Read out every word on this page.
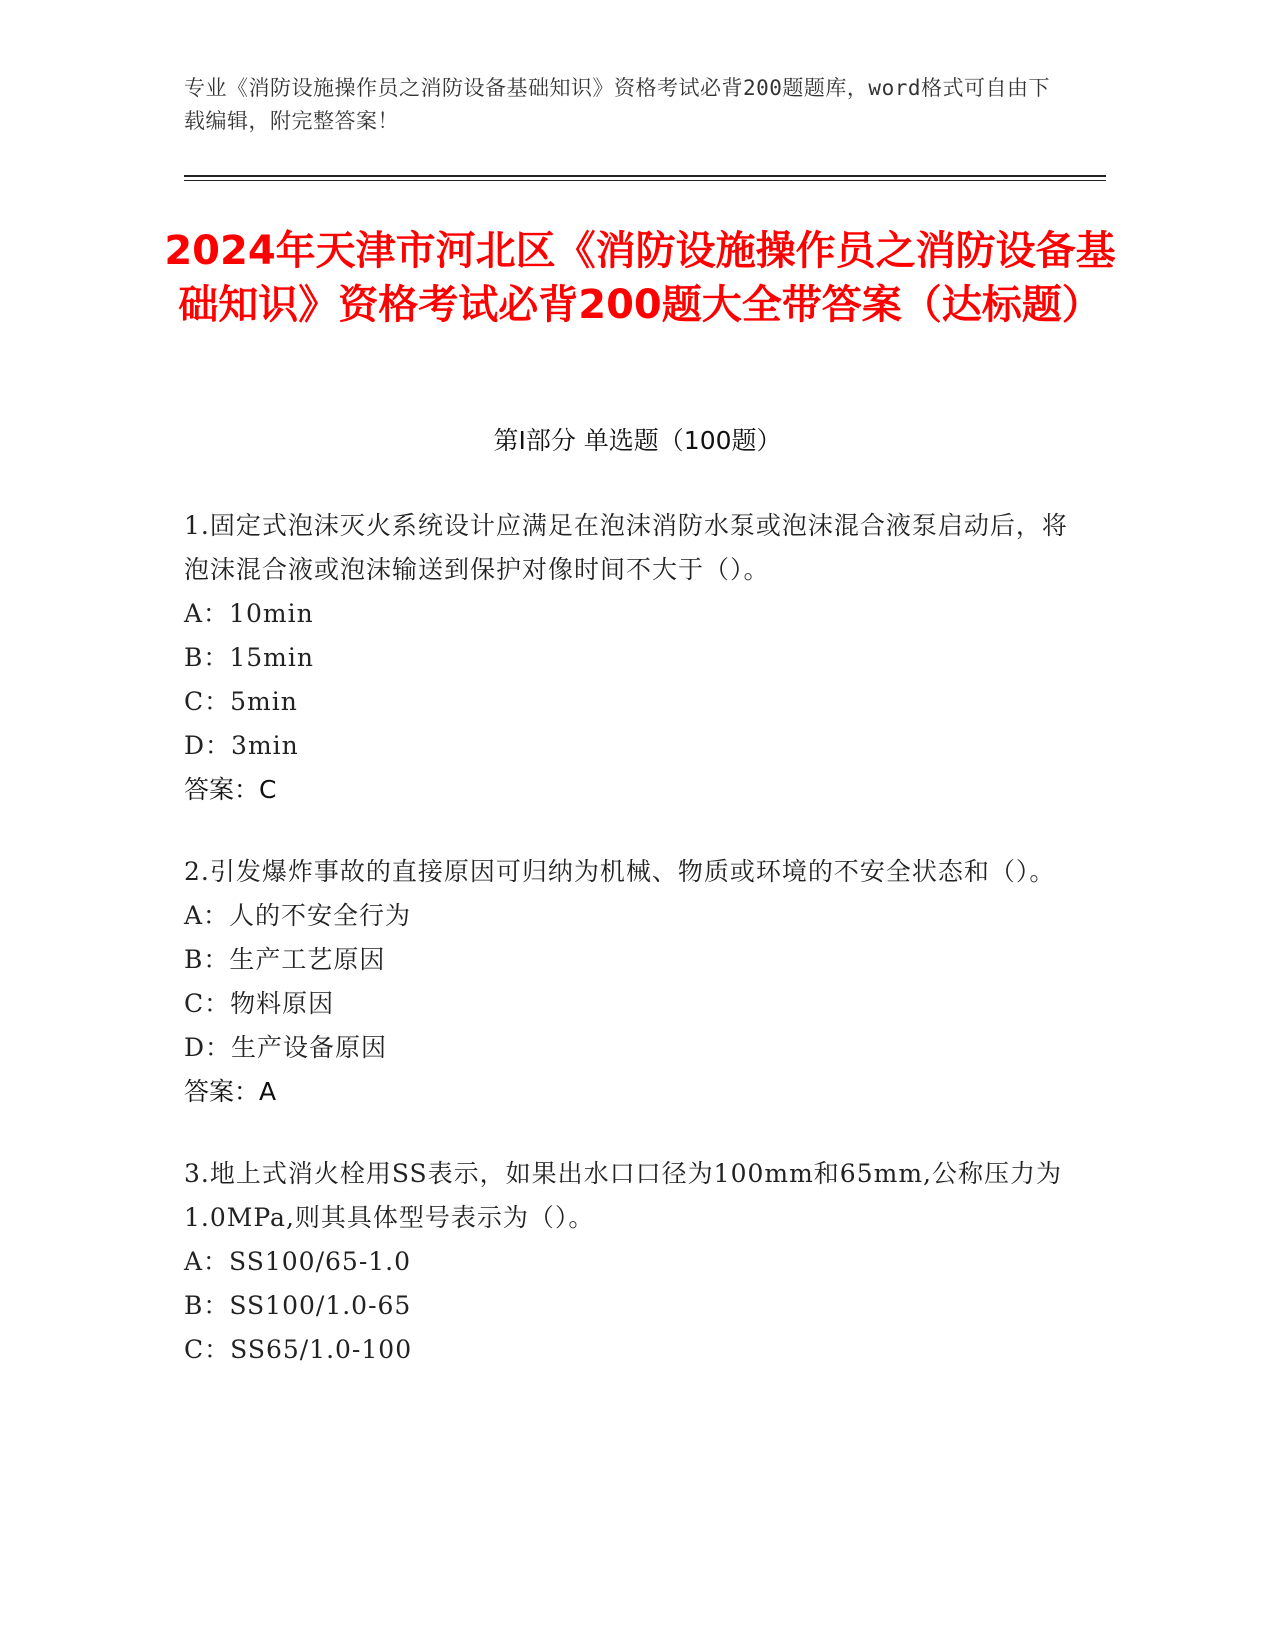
专业《消防设施操作员之消防设备基础知识》资格考试必背200题题库，word格式可自由下载编辑，附完整答案！
2024年天津市河北区《消防设施操作员之消防设备基础知识》资格考试必背200题大全带答案（达标题）
第Ⅰ部分 单选题（100题）
1.固定式泡沫灭火系统设计应满足在泡沫消防水泵或泡沫混合液泵启动后，将泡沫混合液或泡沫输送到保护对像时间不大于（）。
A：10min
B：15min
C：5min
D：3min
答案：C
2.引发爆炸事故的直接原因可归纳为机械、物质或环境的不安全状态和（）。
A：人的不安全行为
B：生产工艺原因
C：物料原因
D：生产设备原因
答案：A
3.地上式消火栓用SS表示，如果出水口口径为100mm和65mm,公称压力为1.0MPa,则其具体型号表示为（）。
A：SS100/65-1.0
B：SS100/1.0-65
C：SS65/1.0-100
